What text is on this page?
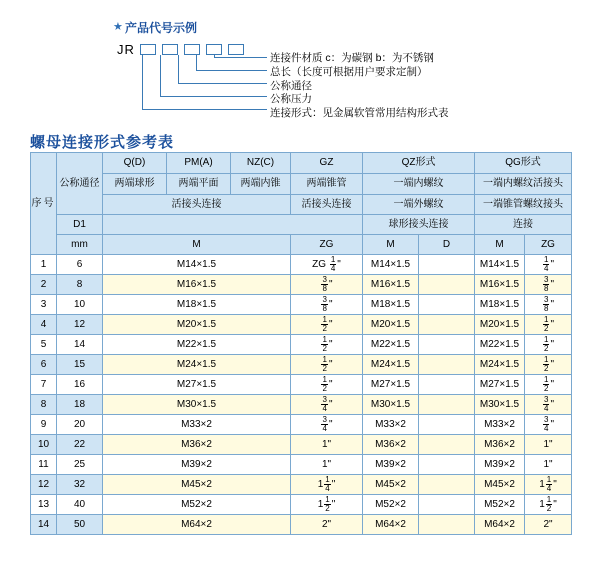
★ 产品代号示例
JR

连接件材质 c：为碳钢 b：为不锈钢
总长（长度可根据用户要求定制）
公称通径
公称压力
连接形式：见金属软管常用结构形式表
螺母连接形式参考表
序号	公称通径	Q(D)	PM(A)	NZ(C)	GZ	QZ形式		QG形式	
		两端球形	两端平面	两端内锥	两端锥管	一端内螺纹		一端内螺纹活接头	
		活接头连接			活接头连接	一端外螺纹		一端锥管螺纹接头	
	D1					球形接头连接		连接	
	mm	M			ZG	M	D	M	ZG
1	6	M14×1.5			ZG $\frac{1}{4}$ "	M14×1.5		M14×1.5	$\frac{1}{4}$ "
2	8	M16×1.5			$\frac{3}{8}$ "	M16×1.5		M16×1.5	$\frac{3}{8}$ "
3	10	M18×1.5			$\frac{3}{8}$ "	M18×1.5		M18×1.5	$\frac{3}{8}$ "
4	12	M20×1.5			$\frac{1}{2}$ "	M20×1.5		M20×1.5	$\frac{1}{2}$ "
5	14	M22×1.5			$\frac{1}{2}$ "	M22×1.5		M22×1.5	$\frac{1}{2}$ "
6	15	M24×1.5			$\frac{1}{2}$ "	M24×1.5		M24×1.5	$\frac{1}{2}$ "
7	16	M27×1.5			$\frac{1}{2}$ "	M27×1.5		M27×1.5	$\frac{1}{2}$ "
8	18	M30×1.5			$\frac{3}{4}$ "	M30×1.5		M30×1.5	$\frac{3}{4}$ "
9	20	M33×2			$\frac{3}{4}$ "	M33×2		M33×2	$\frac{3}{4}$ "
10	22	M36×2			1"	M36×2		M36×2	1"
11	25	M39×2			1"	M39×2		M39×2	1"
12	32	M45×2			$1 \frac{1}{4}$ "	M45×2		M45×2	$1 \frac{1}{4}$ "
13	40	M52×2			$1 \frac{1}{2}$ "	M52×2		M52×2	$1 \frac{1}{2}$ "
14	50	M64×2			2"	M64×2		M64×2	2"
